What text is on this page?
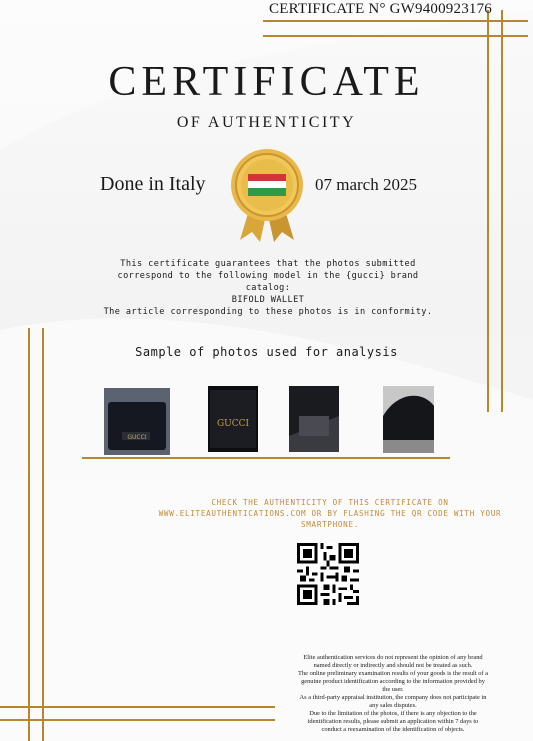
CERTIFICATE N° GW9400923176
CERTIFICATE
OF AUTHENTICITY
Done in Italy	07 march 2025
This certificate guarantees that the photos submitted
correspond to the following model in the {gucci} brand
catalog:
BIFOLD WALLET
The article corresponding to these photos is in conformity.
Sample of photos used for analysis
GUCCI
GUCCI
CHECK THE AUTHENTICITY OF THIS CERTIFICATE ON
WWW.ELITEAUTHENTICATIONS.COM OR BY FLASHING THE QR CODE WITH YOUR
SMARTPHONE.
Elite authentication services do not represent the opinion of any brand
named directly or indirectly and should not be treated as such.
The online preliminary examination results of your goods is the result of a
genuine product identification according to the information provided by
the user.
As a third-party appraisal institution, the company does not participate in
any sales disputes.
Due to the limitation of the photos, if there is any objection to the
identification results, please submit an application within 7 days to
conduct a reexamination of the identification of objects.
